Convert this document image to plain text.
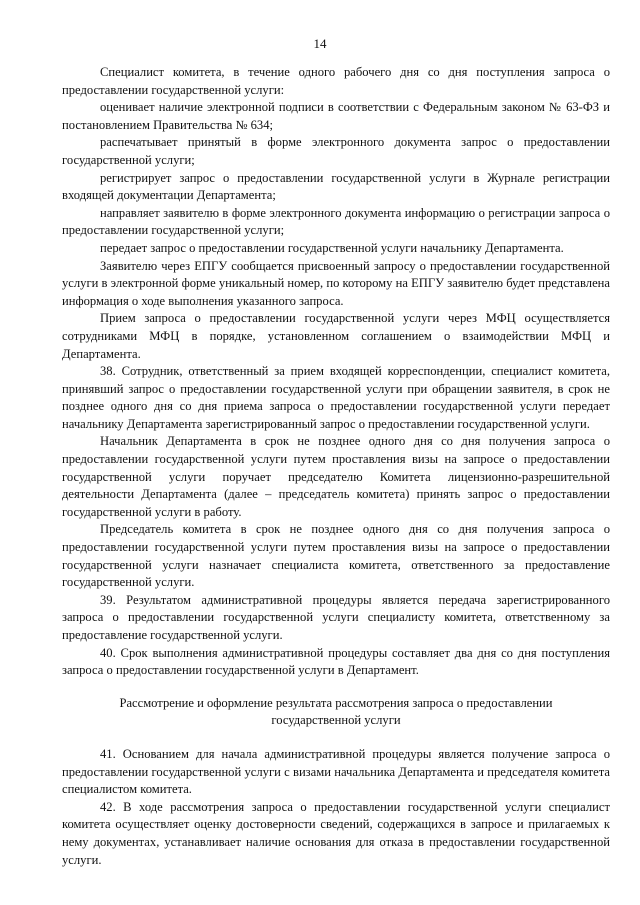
14

Специалист комитета, в течение одного рабочего дня со дня поступления запроса о предоставлении государственной услуги:

оценивает наличие электронной подписи в соответствии с Федеральным законом № 63-ФЗ и постановлением Правительства № 634;

распечатывает принятый в форме электронного документа запрос о предоставлении государственной услуги;

регистрирует запрос о предоставлении государственной услуги в Журнале регистрации входящей документации Департамента;

направляет заявителю в форме электронного документа информацию о регистрации запроса о предоставлении государственной услуги;

передает запрос о предоставлении государственной услуги начальнику Департамента.

Заявителю через ЕПГУ сообщается присвоенный запросу о предоставлении государственной услуги в электронной форме уникальный номер, по которому на ЕПГУ заявителю будет представлена информация о ходе выполнения указанного запроса.

Прием запроса о предоставлении государственной услуги через МФЦ осуществляется сотрудниками МФЦ в порядке, установленном соглашением о взаимодействии МФЦ и Департамента.

38. Сотрудник, ответственный за прием входящей корреспонденции, специалист комитета, принявший запрос о предоставлении государственной услуги при обращении заявителя, в срок не позднее одного дня со дня приема запроса о предоставлении государственной услуги передает начальнику Департамента зарегистрированный запрос о предоставлении государственной услуги.

Начальник Департамента в срок не позднее одного дня со дня получения запроса о предоставлении государственной услуги путем проставления визы на запросе о предоставлении государственной услуги поручает председателю Комитета лицензионно-разрешительной деятельности Департамента (далее – председатель комитета) принять запрос о предоставлении государственной услуги в работу.

Председатель комитета в срок не позднее одного дня со дня получения запроса о предоставлении государственной услуги путем проставления визы на запросе о предоставлении государственной услуги назначает специалиста комитета, ответственного за предоставление государственной услуги.

39. Результатом административной процедуры является передача зарегистрированного запроса о предоставлении государственной услуги специалисту комитета, ответственному за предоставление государственной услуги.

40. Срок выполнения административной процедуры составляет два дня со дня поступления запроса о предоставлении государственной услуги в Департамент.

Рассмотрение и оформление результата рассмотрения запроса о предоставлении государственной услуги

41. Основанием для начала административной процедуры является получение запроса о предоставлении государственной услуги с визами начальника Департамента и председателя комитета специалистом комитета.

42. В ходе рассмотрения запроса о предоставлении государственной услуги специалист комитета осуществляет оценку достоверности сведений, содержащихся в запросе и прилагаемых к нему документах, устанавливает наличие основания для отказа в предоставлении государственной услуги.
